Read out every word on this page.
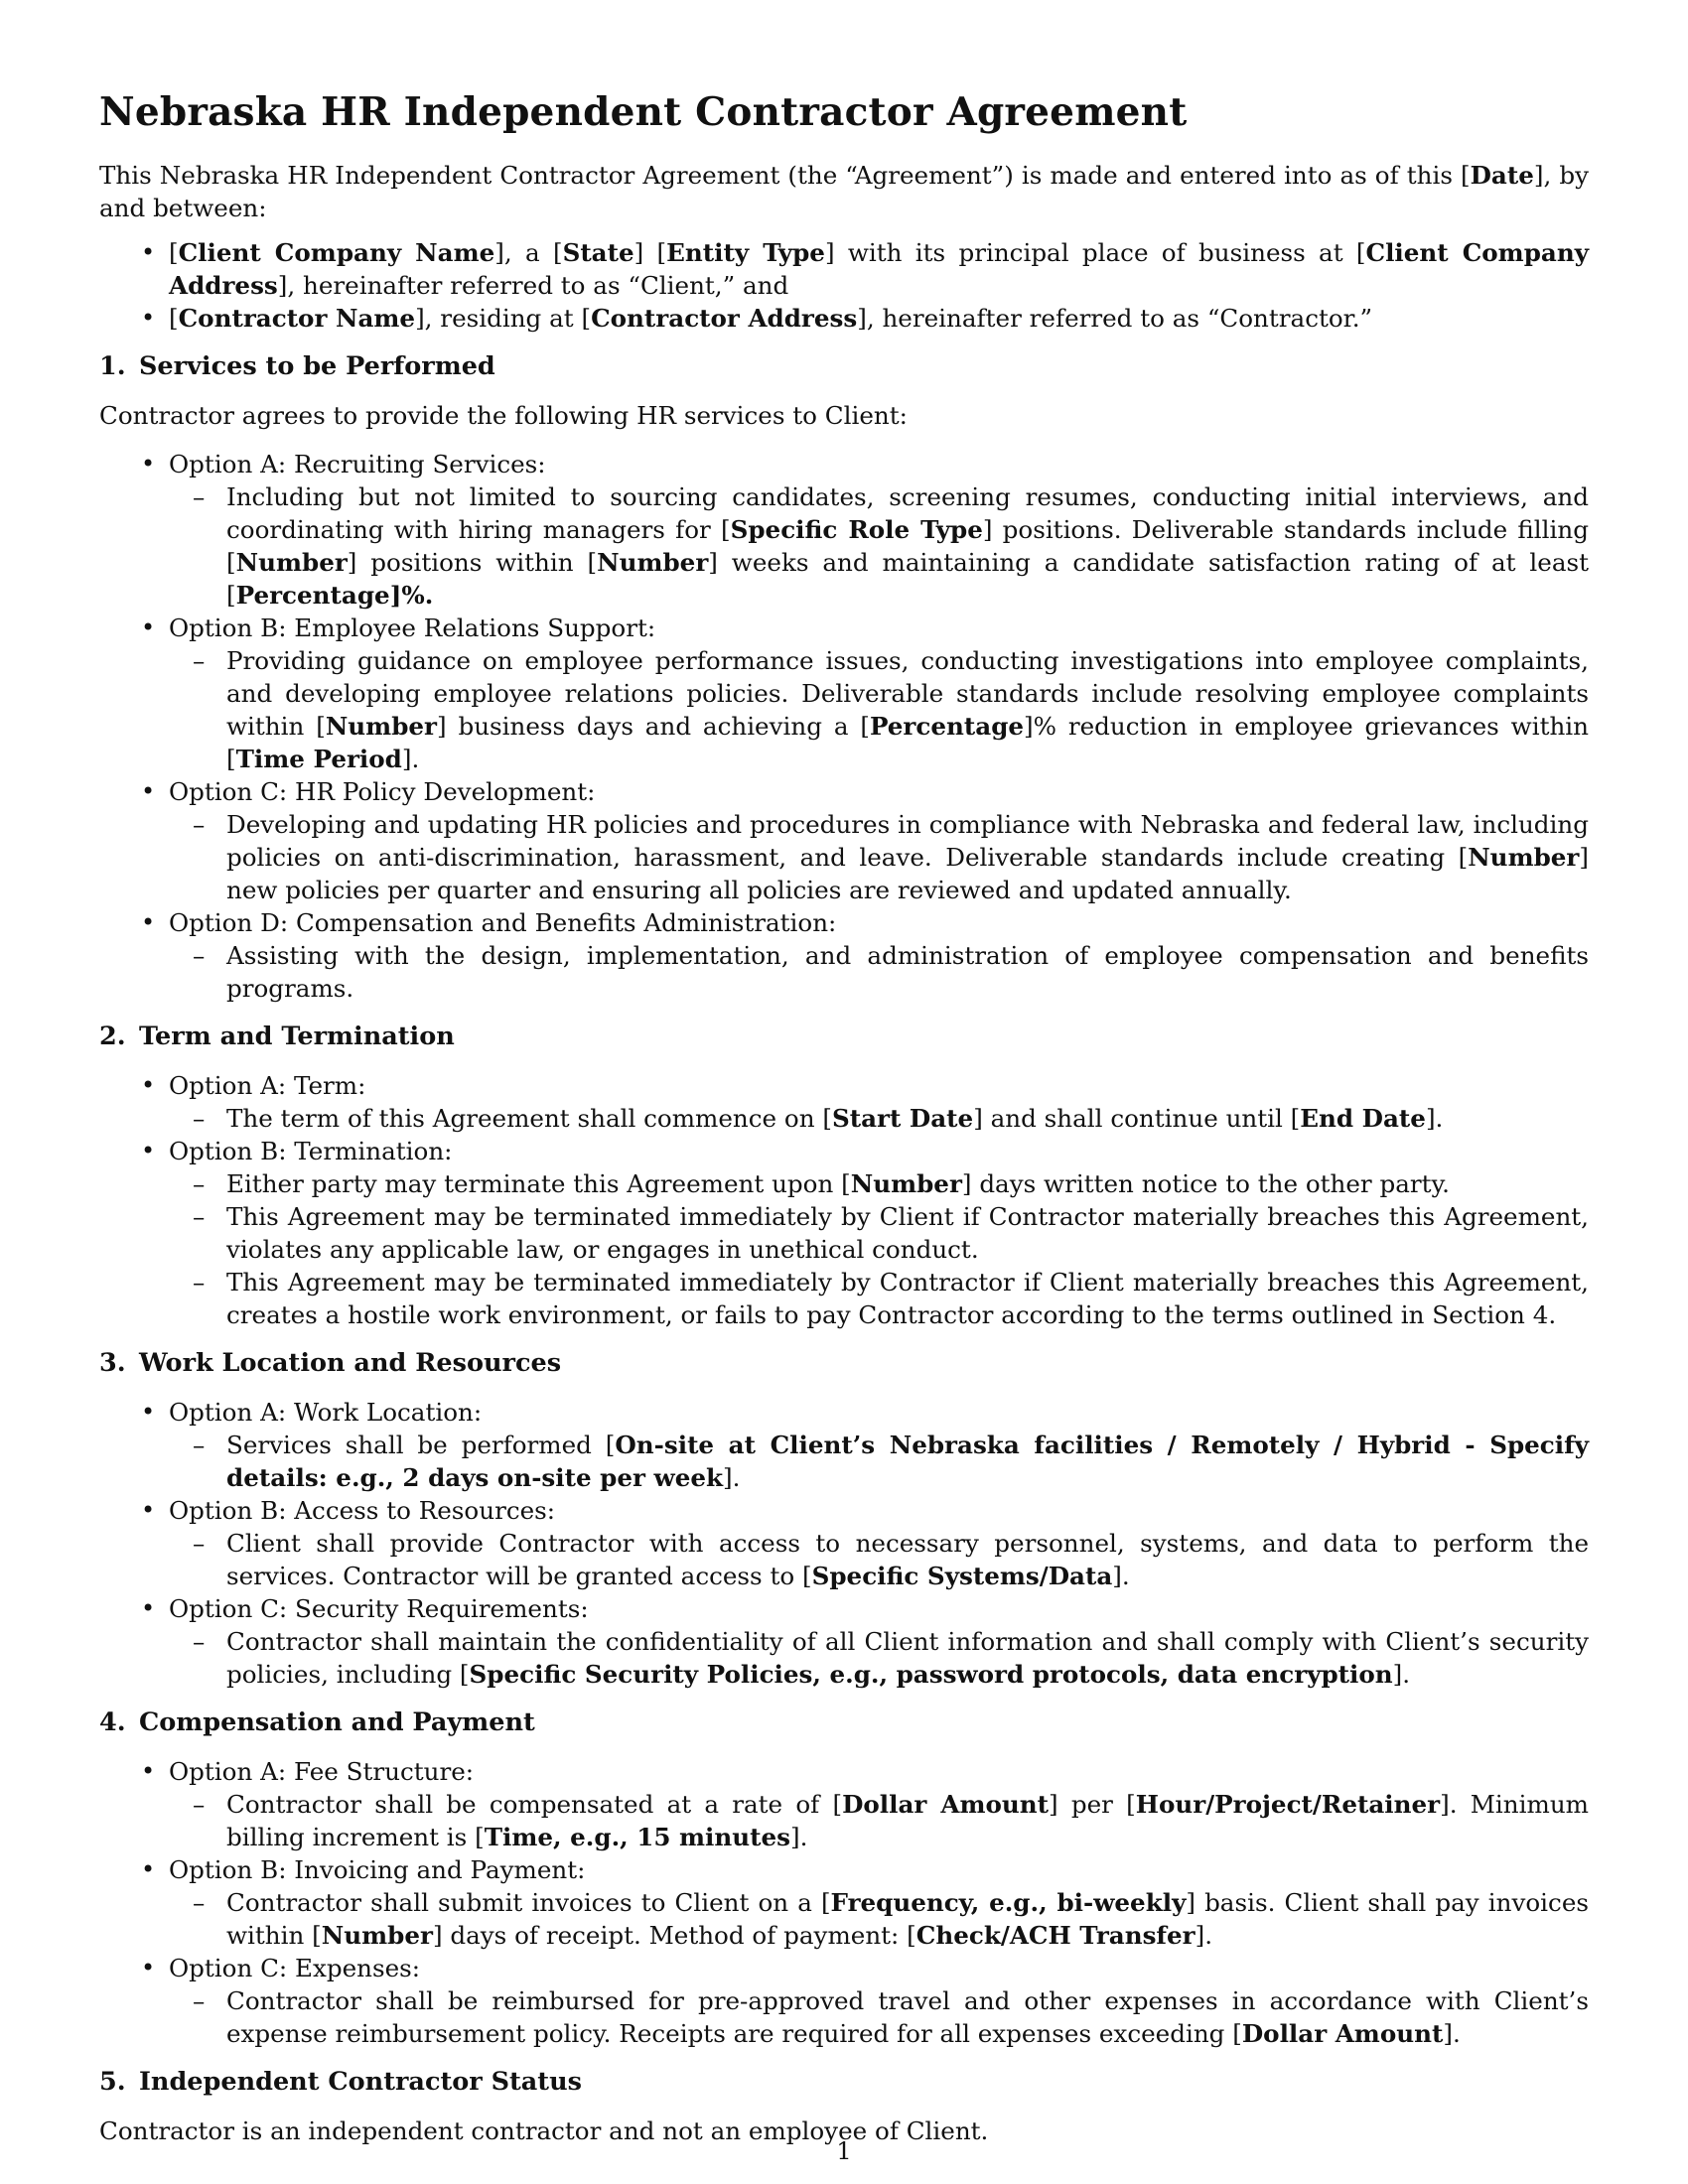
Nebraska HR Independent Contractor Agreement

This Nebraska HR Independent Contractor Agreement (the “Agreement”) is made and entered into as of this [Date], by and between:

• [Client Company Name], a [State] [Entity Type] with its principal place of business at [Client Company Address], hereinafter referred to as “Client,” and
• [Contractor Name], residing at [Contractor Address], hereinafter referred to as “Contractor.”
1. Services to be Performed

Contractor agrees to provide the following HR services to Client:

• Option A: Recruiting Services:
– Including but not limited to sourcing candidates, screening resumes, conducting initial interviews, and coordinating with hiring managers for [Specific Role Type] positions. Deliverable standards include filling [Number] positions within [Number] weeks and maintaining a candidate satisfaction rating of at least [Percentage]%.
• Option B: Employee Relations Support:
– Providing guidance on employee performance issues, conducting investigations into employee complaints, and developing employee relations policies. Deliverable standards include resolving employee complaints within [Number] business days and achieving a [Percentage]% reduction in employee grievances within [Time Period].
• Option C: HR Policy Development:
– Developing and updating HR policies and procedures in compliance with Nebraska and federal law, including policies on anti-discrimination, harassment, and leave. Deliverable standards include creating [Number] new policies per quarter and ensuring all policies are reviewed and updated annually.
• Option D: Compensation and Benefits Administration:
– Assisting with the design, implementation, and administration of employee compensation and benefits programs.
2. Term and Termination
• Option A: Term:
– The term of this Agreement shall commence on [Start Date] and shall continue until [End Date].
• Option B: Termination:
– Either party may terminate this Agreement upon [Number] days written notice to the other party.
– This Agreement may be terminated immediately by Client if Contractor materially breaches this Agreement, violates any applicable law, or engages in unethical conduct.
– This Agreement may be terminated immediately by Contractor if Client materially breaches this Agreement, creates a hostile work environment, or fails to pay Contractor according to the terms outlined in Section 4.
3. Work Location and Resources
• Option A: Work Location:
– Services shall be performed [On-site at Client’s Nebraska facilities / Remotely / Hybrid - Specify details: e.g., 2 days on-site per week].
• Option B: Access to Resources:
– Client shall provide Contractor with access to necessary personnel, systems, and data to perform the services. Contractor will be granted access to [Specific Systems/Data].
• Option C: Security Requirements:
– Contractor shall maintain the confidentiality of all Client information and shall comply with Client’s security policies, including [Specific Security Policies, e.g., password protocols, data encryption].
4. Compensation and Payment
• Option A: Fee Structure:
– Contractor shall be compensated at a rate of [Dollar Amount] per [Hour/Project/Retainer]. Minimum billing increment is [Time, e.g., 15 minutes].
• Option B: Invoicing and Payment:
– Contractor shall submit invoices to Client on a [Frequency, e.g., bi-weekly] basis. Client shall pay invoices within [Number] days of receipt. Method of payment: [Check/ACH Transfer].
• Option C: Expenses:
– Contractor shall be reimbursed for pre-approved travel and other expenses in accordance with Client’s expense reimbursement policy. Receipts are required for all expenses exceeding [Dollar Amount].
5. Independent Contractor Status

Contractor is an independent contractor and not an employee of Client.

1
